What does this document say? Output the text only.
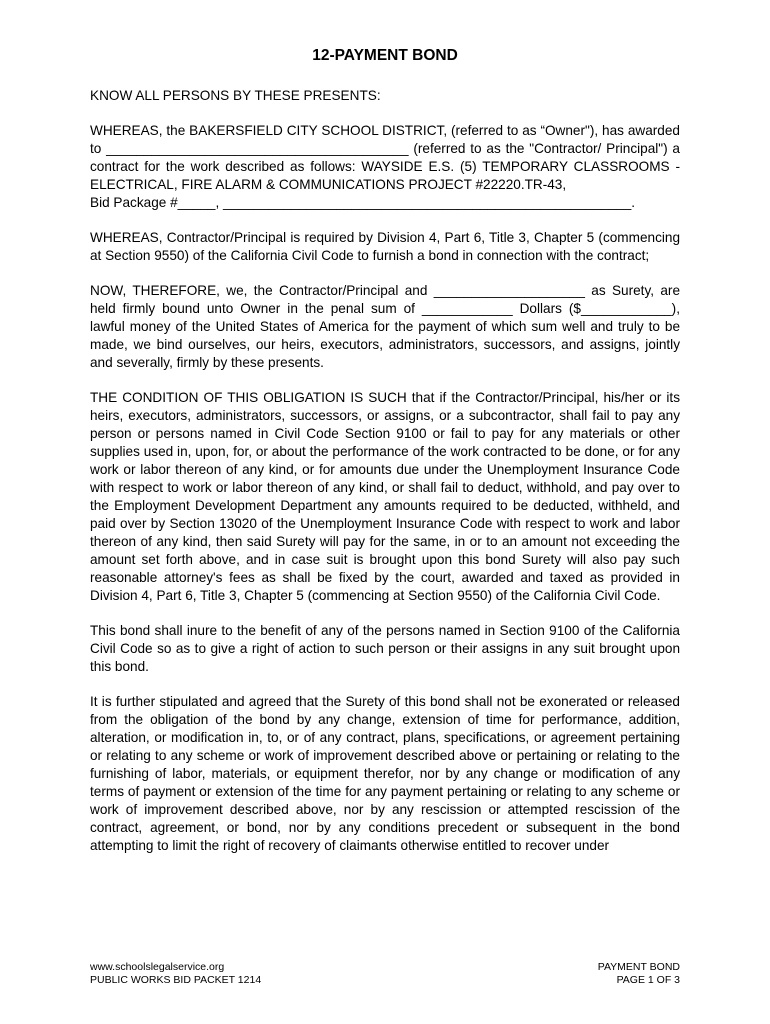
12-PAYMENT BOND

KNOW ALL PERSONS BY THESE PRESENTS:

WHEREAS, the BAKERSFIELD CITY SCHOOL DISTRICT, (referred to as “Owner"), has awarded to ________________________________________ (referred to as the "Contractor/ Principal") a contract for the work described as follows: WAYSIDE E.S. (5) TEMPORARY CLASSROOMS - ELECTRICAL, FIRE ALARM & COMMUNICATIONS PROJECT #22220.TR-43,

Bid Package #_____, ______________________________________________________.

WHEREAS, Contractor/Principal is required by Division 4, Part 6, Title 3, Chapter 5 (commencing at Section 9550) of the California Civil Code to furnish a bond in connection with the contract;

NOW, THEREFORE, we, the Contractor/Principal and ____________________ as Surety, are held firmly bound unto Owner in the penal sum of ____________ Dollars ($____________), lawful money of the United States of America for the payment of which sum well and truly to be made, we bind ourselves, our heirs, executors, administrators, successors, and assigns, jointly and severally, firmly by these presents.

THE CONDITION OF THIS OBLIGATION IS SUCH that if the Contractor/Principal, his/her or its heirs, executors, administrators, successors, or assigns, or a subcontractor, shall fail to pay any person or persons named in Civil Code Section 9100 or fail to pay for any materials or other supplies used in, upon, for, or about the performance of the work contracted to be done, or for any work or labor thereon of any kind, or for amounts due under the Unemployment Insurance Code with respect to work or labor thereon of any kind, or shall fail to deduct, withhold, and pay over to the Employment Development Department any amounts required to be deducted, withheld, and paid over by Section 13020 of the Unemployment Insurance Code with respect to work and labor thereon of any kind, then said Surety will pay for the same, in or to an amount not exceeding the amount set forth above, and in case suit is brought upon this bond Surety will also pay such reasonable attorney's fees as shall be fixed by the court, awarded and taxed as provided in Division 4, Part 6, Title 3, Chapter 5 (commencing at Section 9550) of the California Civil Code.

This bond shall inure to the benefit of any of the persons named in Section 9100 of the California Civil Code so as to give a right of action to such person or their assigns in any suit brought upon this bond.

It is further stipulated and agreed that the Surety of this bond shall not be exonerated or released from the obligation of the bond by any change, extension of time for performance, addition, alteration, or modification in, to, or of any contract, plans, specifications, or agreement pertaining or relating to any scheme or work of improvement described above or pertaining or relating to the furnishing of labor, materials, or equipment therefor, nor by any change or modification of any terms of payment or extension of the time for any payment pertaining or relating to any scheme or work of improvement described above, nor by any rescission or attempted rescission of the contract, agreement, or bond, nor by any conditions precedent or subsequent in the bond attempting to limit the right of recovery of claimants otherwise entitled to recover under

www.schoolslegalservice.org
PUBLIC WORKS BID PACKET 1214
PAYMENT BOND
PAGE 1 OF 3
